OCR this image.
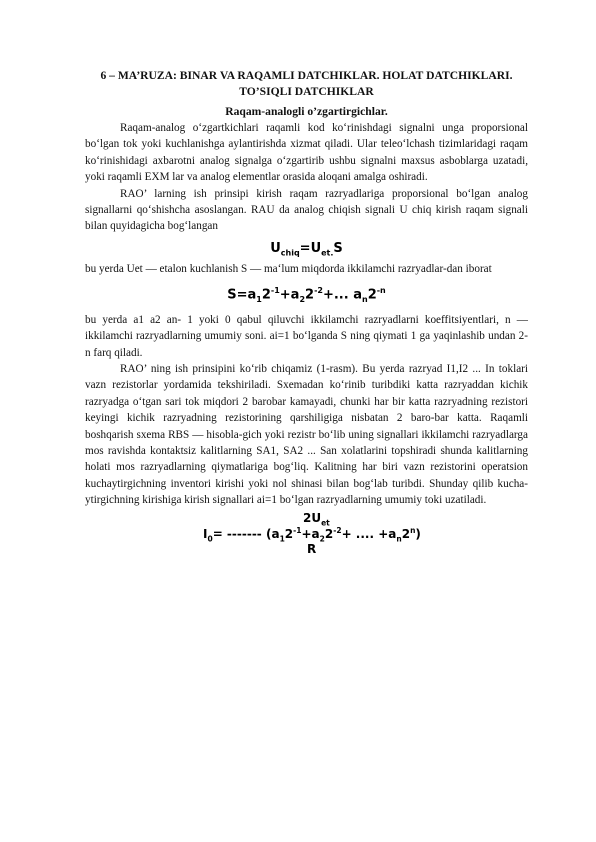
6 – MA’RUZA: BINAR VA RAQAMLI DATCHIKLAR. HOLAT DATCHIKLARI. TO’SIQLI DATCHIKLAR

Raqam-analogli o’zgartirgichlar.

Raqam-analog o‘zgartkichlari raqamli kod ko‘rinishdagi signalni unga proporsional bo‘lgan tok yoki kuchlanishga aylantirishda xizmat qiladi. Ular teleo‘lchash tizimlaridagi raqam ko‘rinishidagi axbarotni analog signalga o‘zgartirib ushbu signalni maxsus asboblarga uzatadi, yoki raqamli EXM lar va analog elementlar orasida aloqani amalga oshiradi.

RAO’ larning ish prinsipi kirish raqam razryadlariga proporsional bo‘lgan analog signallarni qo‘shishcha asoslangan. RAU da analog chiqish signali U chiq kirish raqam signali bilan quyidagicha bog‘langan

$U_{chiq}=U_{et.}S$

bu yerda Uet — etalon kuchlanish S — ma‘lum miqdorda ikkilamchi razryadlar-dan iborat

$S=a_12^{-1}+a_22^{-2}+$... $a_n2^{-n}$

bu yerda a1 a2 an- 1 yoki 0 qabul qiluvchi ikkilamchi razryadlarni koeffitsiyentlari, n — ikkilamchi razryadlarning umumiy soni. ai=1 bo‘lganda S ning qiymati 1 ga yaqinlashib undan 2-n farq qiladi.

RAO’ ning ish prinsipini ko‘rib chiqamiz (1-rasm). Bu yerda razryad I1,I2 ... In toklari vazn rezistorlar yordamida tekshiriladi. Sxemadan ko‘rinib turibdiki katta razryaddan kichik razryadga o‘tgan sari tok miqdori 2 barobar kamayadi, chunki har bir katta razryadning rezistori keyingi kichik razryadning rezistorining qarshiligiga nisbatan 2 baro-bar katta. Raqamli boshqarish sxema RBS — hisobla-gich yoki rezistr bo‘lib uning signallari ikkilamchi razryadlarga mos ravishda kontaktsiz kalitlarning SA1, SA2 ... San xolatlarini topshiradi shunda kalitlarning holati mos razryadlarning qiymatlariga bog‘liq. Kalitning har biri vazn rezistorini operatsion kuchaytirgichning inventori kirishi yoki nol shinasi bilan bog‘lab turibdi. Shunday qilib kucha-ytirgichning kirishiga kirish signallari ai=1 bo‘lgan razryadlarning umumiy toki uzatiladi.

$2U_{et}$
$I_0=$ ------- ($a_12^{-1}+a_22^{-2}+$ .... $+a_n2^n$)
R
